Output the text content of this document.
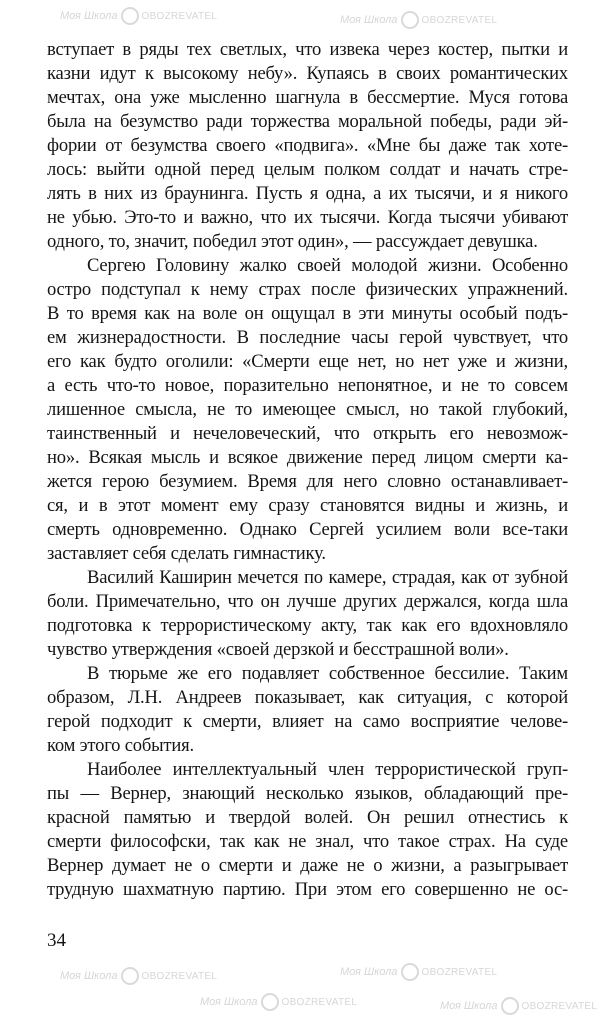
Моя Школа OBOZREVATEL	Моя Школа OBOZREVATEL
Моя Школа OBOZREVATEL	Моя Школа OBOZREVATEL
Моя Школа OBOZREVATEL	Моя Школа OBOZREVATEL
вступает в ряды тех светлых, что извека через костер, пытки и
казни идут к высокому небу». Купаясь в своих романтических
мечтах, она уже мысленно шагнула в бессмертие. Муся готова
была на безумство ради торжества моральной победы, ради эй-
фории от безумства своего «подвига». «Мне бы даже так хоте-
лось: выйти одной перед целым полком солдат и начать стре-
лять в них из браунинга. Пусть я одна, а их тысячи, и я никого
не убью. Это-то и важно, что их тысячи. Когда тысячи убивают
одного, то, значит, победил этот один», — рассуждает девушка.
Сергею Головину жалко своей молодой жизни. Особенно
остро подступал к нему страх после физических упражнений.
В то время как на воле он ощущал в эти минуты особый подъ-
ем жизнерадостности. В последние часы герой чувствует, что
его как будто оголили: «Смерти еще нет, но нет уже и жизни,
а есть что-то новое, поразительно непонятное, и не то совсем
лишенное смысла, не то имеющее смысл, но такой глубокий,
таинственный и нечеловеческий, что открыть его невозмож-
но». Всякая мысль и всякое движение перед лицом смерти ка-
жется герою безумием. Время для него словно останавливает-
ся, и в этот момент ему сразу становятся видны и жизнь, и
смерть одновременно. Однако Сергей усилием воли все-таки
заставляет себя сделать гимнастику.
Василий Каширин мечется по камере, страдая, как от зубной
боли. Примечательно, что он лучше других держался, когда шла
подготовка к террористическому акту, так как его вдохновляло
чувство утверждения «своей дерзкой и бесстрашной воли».
В тюрьме же его подавляет собственное бессилие. Таким
образом, Л.Н. Андреев показывает, как ситуация, с которой
герой подходит к смерти, влияет на само восприятие челове-
ком этого события.
Наиболее интеллектуальный член террористической груп-
пы — Вернер, знающий несколько языков, обладающий пре-
красной памятью и твердой волей. Он решил отнестись к
смерти философски, так как не знал, что такое страх. На суде
Вернер думает не о смерти и даже не о жизни, а разыгрывает
трудную шахматную партию. При этом его совершенно не ос-
34
